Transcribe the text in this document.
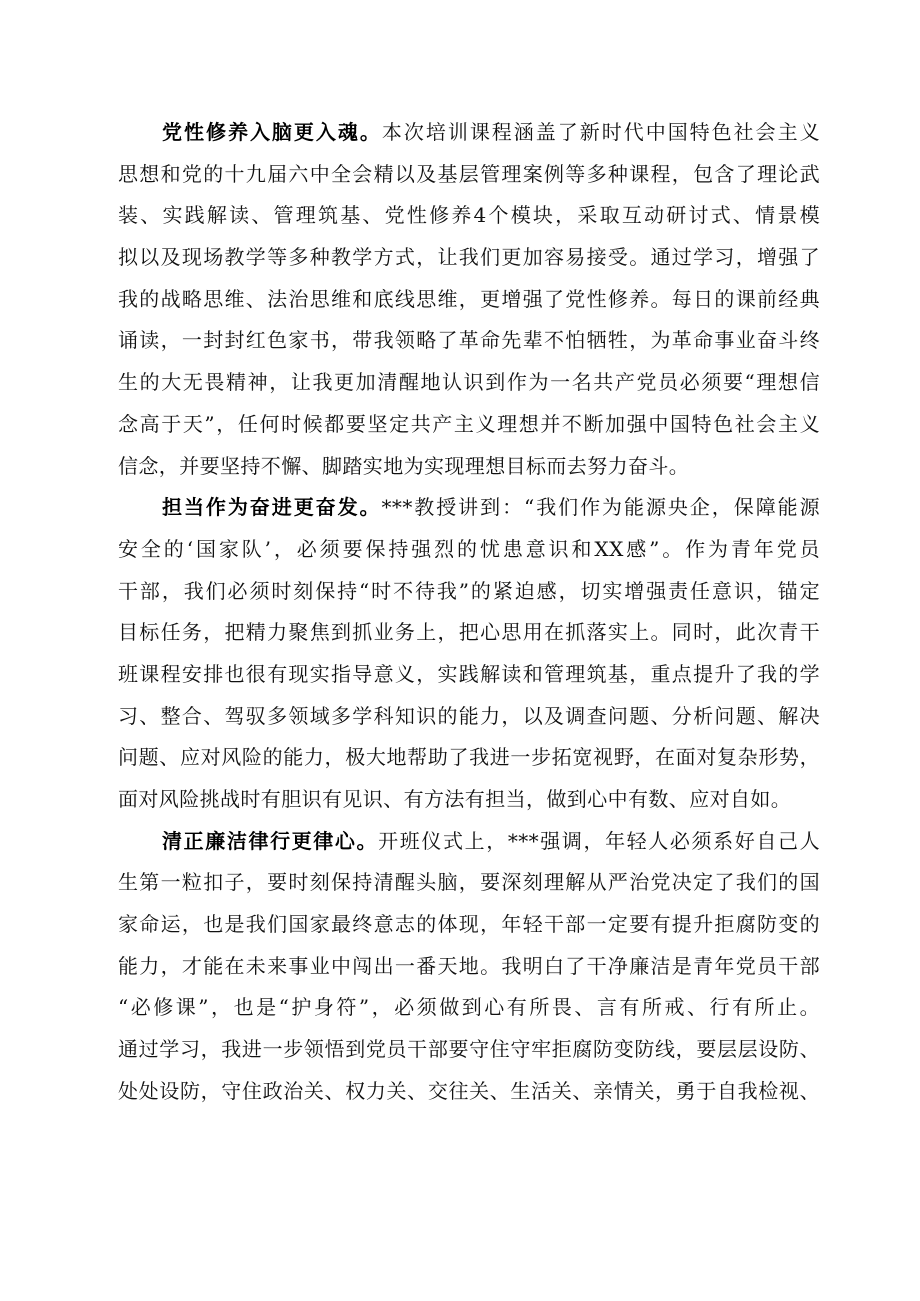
党性修养入脑更入魂。本次培训课程涵盖了新时代中国特色社会主义
思想和党的十九届六中全会精以及基层管理案例等多种课程，包含了理论武
装、实践解读、管理筑基、党性修养4个模块，采取互动研讨式、情景模
拟以及现场教学等多种教学方式，让我们更加容易接受。通过学习，增强了
我的战略思维、法治思维和底线思维，更增强了党性修养。每日的课前经典
诵读，一封封红色家书，带我领略了革命先辈不怕牺牲，为革命事业奋斗终
生的大无畏精神，让我更加清醒地认识到作为一名共产党员必须要“理想信
念高于天”，任何时候都要坚定共产主义理想并不断加强中国特色社会主义
信念，并要坚持不懈、脚踏实地为实现理想目标而去努力奋斗。
担当作为奋进更奋发。***教授讲到：“我们作为能源央企，保障能源
安全的‘国家队’，必须要保持强烈的忧患意识和XX感”。作为青年党员
干部，我们必须时刻保持“时不待我”的紧迫感，切实增强责任意识，锚定
目标任务，把精力聚焦到抓业务上，把心思用在抓落实上。同时，此次青干
班课程安排也很有现实指导意义，实践解读和管理筑基，重点提升了我的学
习、整合、驾驭多领域多学科知识的能力，以及调查问题、分析问题、解决
问题、应对风险的能力，极大地帮助了我进一步拓宽视野，在面对复杂形势，
面对风险挑战时有胆识有见识、有方法有担当，做到心中有数、应对自如。
清正廉洁律行更律心。开班仪式上，***强调，年轻人必须系好自己人
生第一粒扣子，要时刻保持清醒头脑，要深刻理解从严治党决定了我们的国
家命运，也是我们国家最终意志的体现，年轻干部一定要有提升拒腐防变的
能力，才能在未来事业中闯出一番天地。我明白了干净廉洁是青年党员干部
“必修课”，也是“护身符”，必须做到心有所畏、言有所戒、行有所止。
通过学习，我进一步领悟到党员干部要守住守牢拒腐防变防线，要层层设防、
处处设防，守住政治关、权力关、交往关、生活关、亲情关，勇于自我检视、
